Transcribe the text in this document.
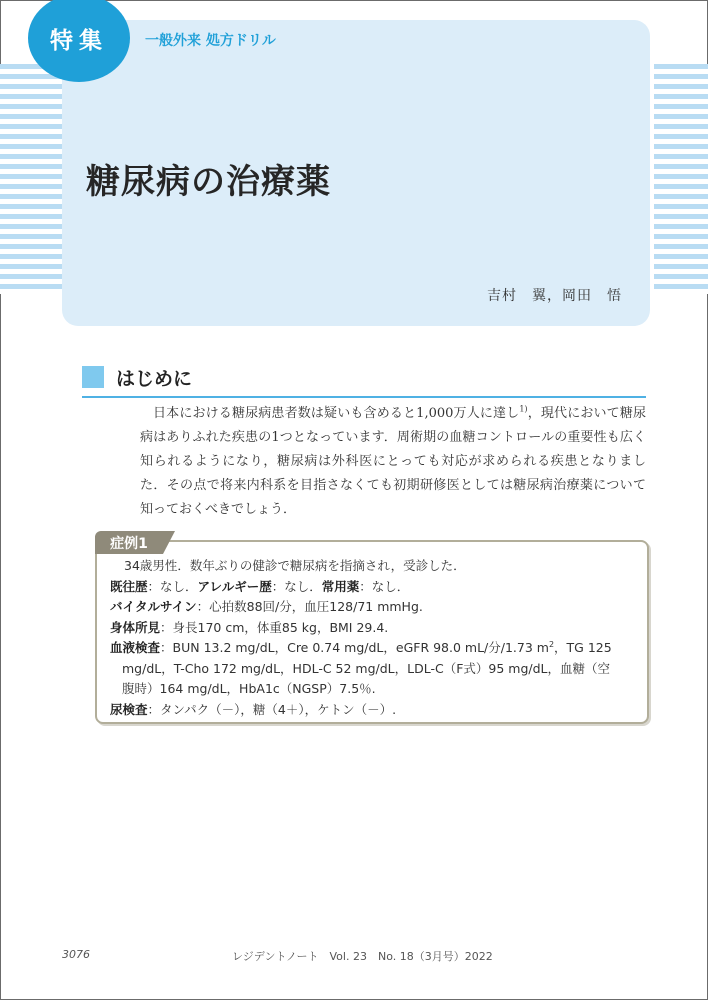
特集	一般外来 処方ドリル
糖尿病の治療薬
吉村　翼，岡田　悟
はじめに

日本における糖尿病患者数は疑いも含めると1,000万人に達し$^{1)}$，現代において糖尿病はありふれた疾患の1つとなっています．周術期の血糖コントロールの重要性も広く知られるようになり，糖尿病は外科医にとっても対応が求められる疾患となりました．その点で将来内科系を目指さなくても初期研修医としては糖尿病治療薬について知っておくべきでしょう．

症例1
34歳男性．数年ぶりの健診で糖尿病を指摘され，受診した．
既往歴：なし．アレルギー歴：なし．常用薬：なし．
バイタルサイン：心拍数88回/分，血圧128/71 mmHg.
身体所見：身長170 cm，体重85 kg，BMI 29.4.
血液検査：BUN 13.2 mg/dL，Cre 0.74 mg/dL，eGFR 98.0 mL/分/1.73 $m^2$，TG 125
mg/dL，T-Cho 172 mg/dL，HDL-C 52 mg/dL，LDL-C（F式）95 mg/dL，血糖（空
腹時）164 mg/dL，HbA1c（NGSP）7.5％.
尿検査：タンパク（－），糖（4＋），ケトン（－）.
3076	レジデントノート　Vol. 23　No. 18（3月号）2022
